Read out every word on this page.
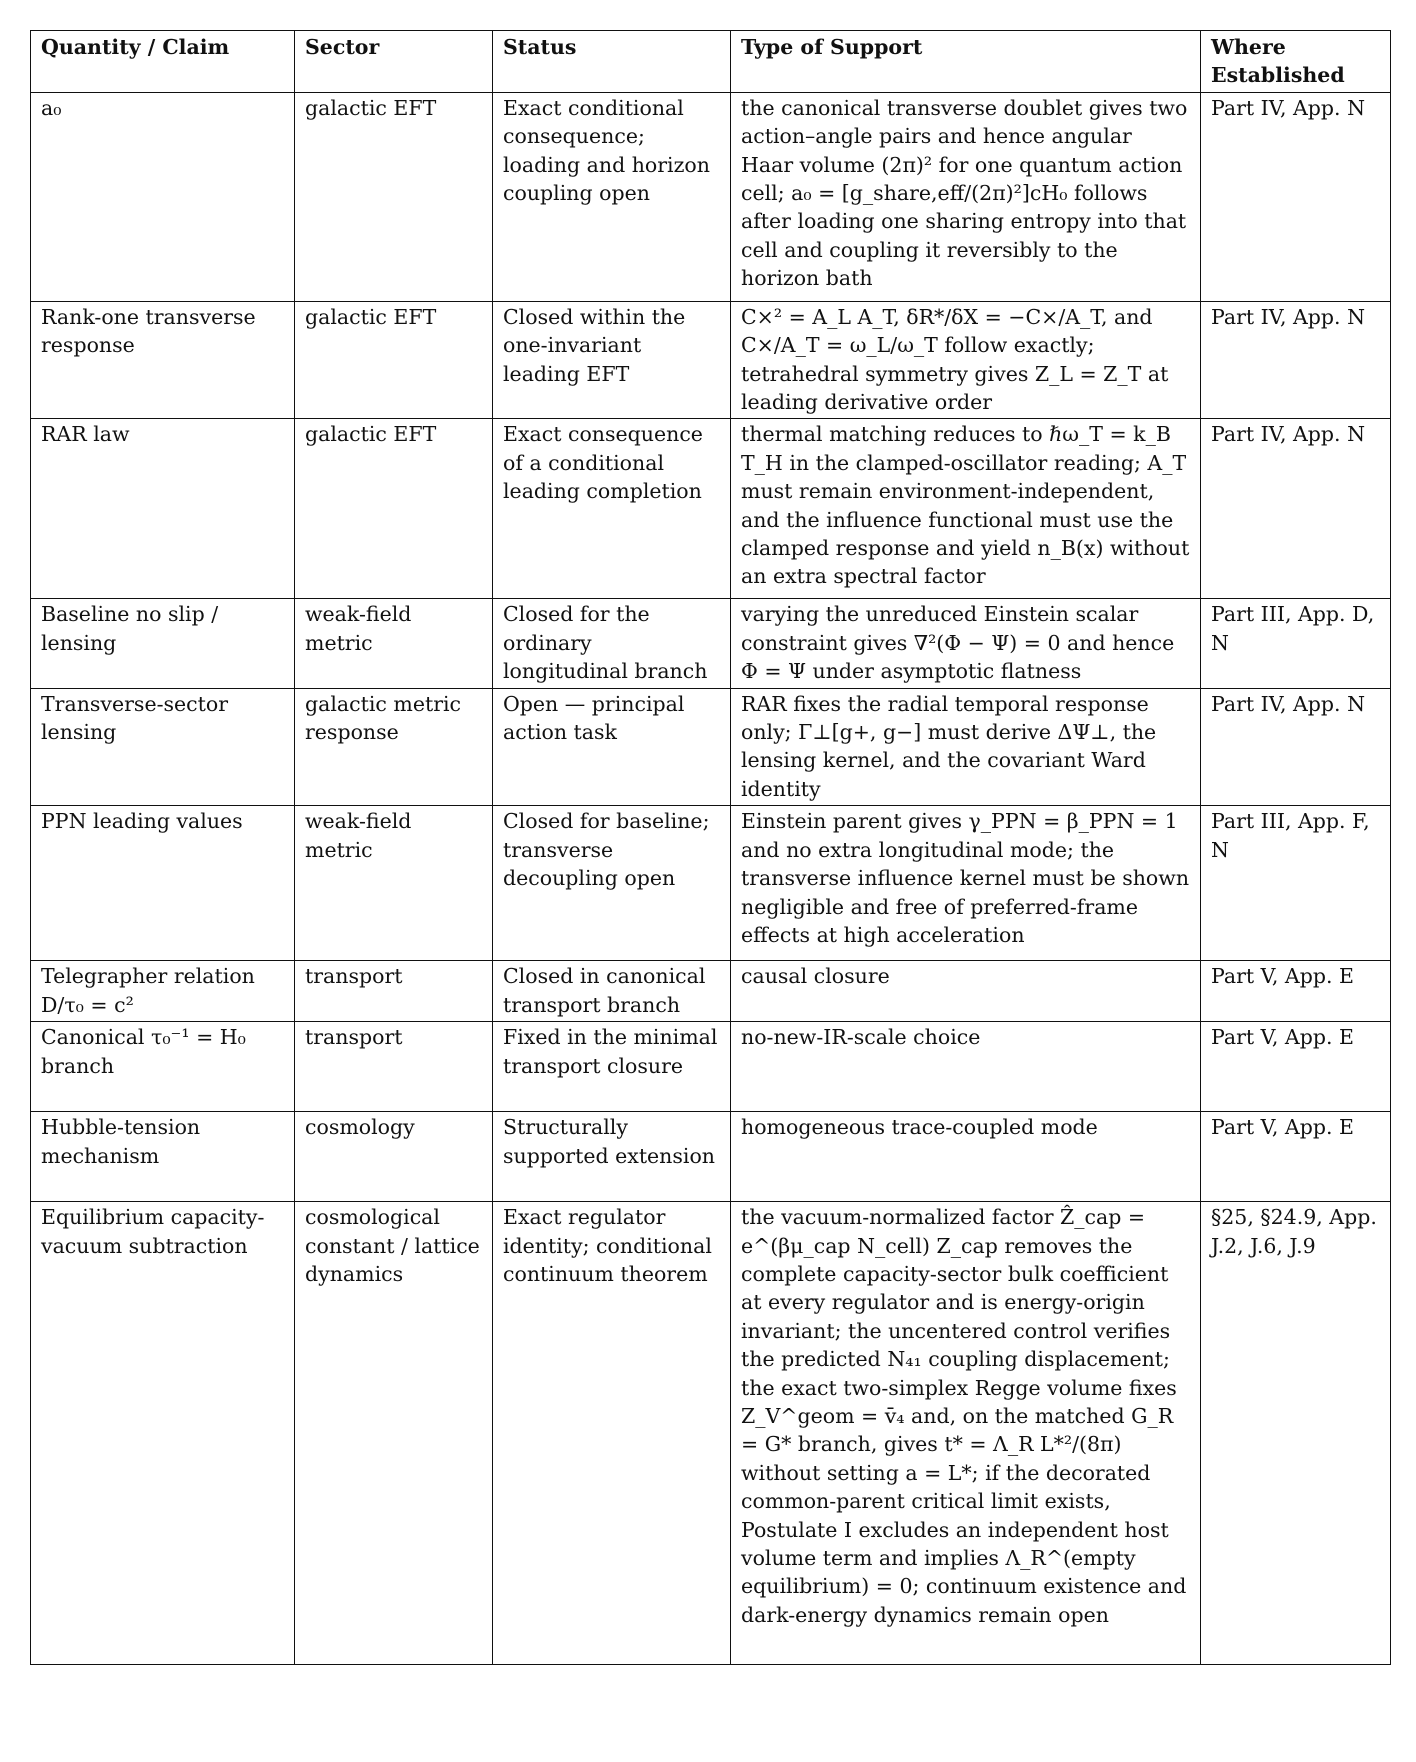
Quantity / Claim	Sector	Status	Type of Support	Where Established
a₀	galactic EFT	Exact conditional consequence; loading and horizon coupling open	the canonical transverse doublet gives two action–angle pairs and hence angular Haar volume (2π)² for one quantum action cell; a₀ = [g_share,eff/(2π)²]cH₀ follows after loading one sharing entropy into that cell and coupling it reversibly to the horizon bath	Part IV, App. N
Rank-one transverse response	galactic EFT	Closed within the one-invariant leading EFT	C×² = A_L A_T, δR*/δX = −C×/A_T, and C×/A_T = ω_L/ω_T follow exactly; tetrahedral symmetry gives Z_L = Z_T at leading derivative order	Part IV, App. N
RAR law	galactic EFT	Exact consequence of a conditional leading completion	thermal matching reduces to ℏω_T = k_B T_H in the clamped-oscillator reading; A_T must remain environment-independent, and the influence functional must use the clamped response and yield n_B(x) without an extra spectral factor	Part IV, App. N
Baseline no slip / lensing	weak-field metric	Closed for the ordinary longitudinal branch	varying the unreduced Einstein scalar constraint gives ∇²(Φ − Ψ) = 0 and hence Φ = Ψ under asymptotic flatness	Part III, App. D, N
Transverse-sector lensing	galactic metric response	Open — principal action task	RAR fixes the radial temporal response only; Γ⊥[g+, g−] must derive ΔΨ⊥, the lensing kernel, and the covariant Ward identity	Part IV, App. N
PPN leading values	weak-field metric	Closed for baseline; transverse decoupling open	Einstein parent gives γ_PPN = β_PPN = 1 and no extra longitudinal mode; the transverse influence kernel must be shown negligible and free of preferred-frame effects at high acceleration	Part III, App. F, N
Telegrapher relation D/τ₀ = c²	transport	Closed in canonical transport branch	causal closure	Part V, App. E
Canonical τ₀⁻¹ = H₀ branch	transport	Fixed in the minimal transport closure	no-new-IR-scale choice	Part V, App. E
Hubble-tension mechanism	cosmology	Structurally supported extension	homogeneous trace-coupled mode	Part V, App. E
Equilibrium capacity-vacuum subtraction	cosmological constant / lattice dynamics	Exact regulator identity; conditional continuum theorem	the vacuum-normalized factor Ẑ_cap = e^(βμ_cap N_cell) Z_cap removes the complete capacity-sector bulk coefficient at every regulator and is energy-origin invariant; the uncentered control verifies the predicted N₄₁ coupling displacement; the exact two-simplex Regge volume fixes Z_V^geom = v̄₄ and, on the matched G_R = G* branch, gives t* = Λ_R L*²/(8π) without setting a = L*; if the decorated common-parent critical limit exists, Postulate I excludes an independent host volume term and implies Λ_R^(empty equilibrium) = 0; continuum existence and dark-energy dynamics remain open	§25, §24.9, App. J.2, J.6, J.9
